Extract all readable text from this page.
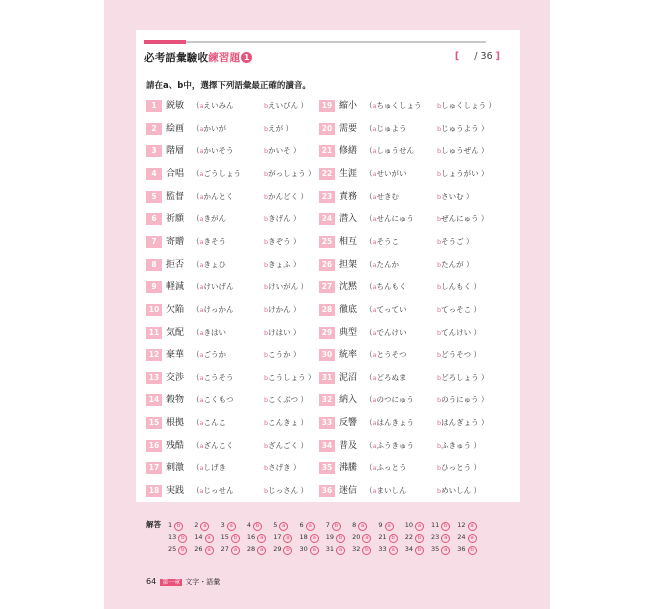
必考語彙驗收練習題 1	[ / 36 ]
請在a、b中，選擇下列語彙最正確的讀音。
1	鋭敏 （aえいみん	bえいびん ）
2	絵画 （aかいが	bえが ）
3	階層 （aかいそう	bかいそ ）
4	合唱 （aごうしょう	bがっしょう ）
5	監督 （aかんとく	bかんどく ）
6	祈願 （aきがん	bきげん ）
7	寄贈 （aきそう	bきぞう ）
8	拒否 （aきょひ	bきょふ ）
9	軽減 （aけいげん	bけいがん ）
10 欠陥 （aけっかん	bけかん ）
11 気配 （aきはい	bけはい ）
12 豪華 （aごうか	bこうか ）
13 交渉 （aこうそう	bこうしょう ）
14 穀物 （aこくもつ	bこくぶつ ）
15 根拠 （aこんこ	bこんきょ ）
16 残酷 （aざんこく	bざんごく ）
17 刺激 （aしげき	bさげき ）
18 実践 （aじっせん	bじっさん ）
19 縮小 （aちゅくしょう bしゅくしょう ）
20 需要 （aじゅよう	bじゅうよう ）
21 修繕 （aしゅうせん	bしゅうぜん ）
22 生涯 （aせいがい	bしょうがい ）
23 責務 （aせきむ	bさいむ ）
24 潜入 （aせんにゅう	bぜんにゅう ）
25 相互 （aそうこ	bそうご ）
26 担架 （aたんか	bたんが ）
27 沈黙 （aちんもく	bしんもく ）
28 徹底 （aてってい	bてっそこ ）
29 典型 （aでんけい	bてんけい ）
30 統率 （aとうそつ	bどうそつ ）
31 泥沼 （aどろぬま	bどろしょう ）
32 納入 （aのつにゅう	bのうにゅう ）
33 反響 （aはんきょう	bはんぎょう ）
34 普及 （aふうきゅう	bふきゅう ）
35 沸騰 （aふっとう	bひっとう ）
36 迷信 （aまいしん	bめいしん ）
解答 1 b	2 a	3 a	4 b	5 a	6 a	7 b	8 a	9 a	10 a	11 b	12 a
13 b	14 a	15 b	16 a	17 a	18 a	19 b	20 a	21 b	22 b	23 a	24 a
25 b	26 a	27 a	28 a	29 b	30 a	31 a	32 b	33 a	34 b	35 a	36 b
64 第一章 文字・語彙
